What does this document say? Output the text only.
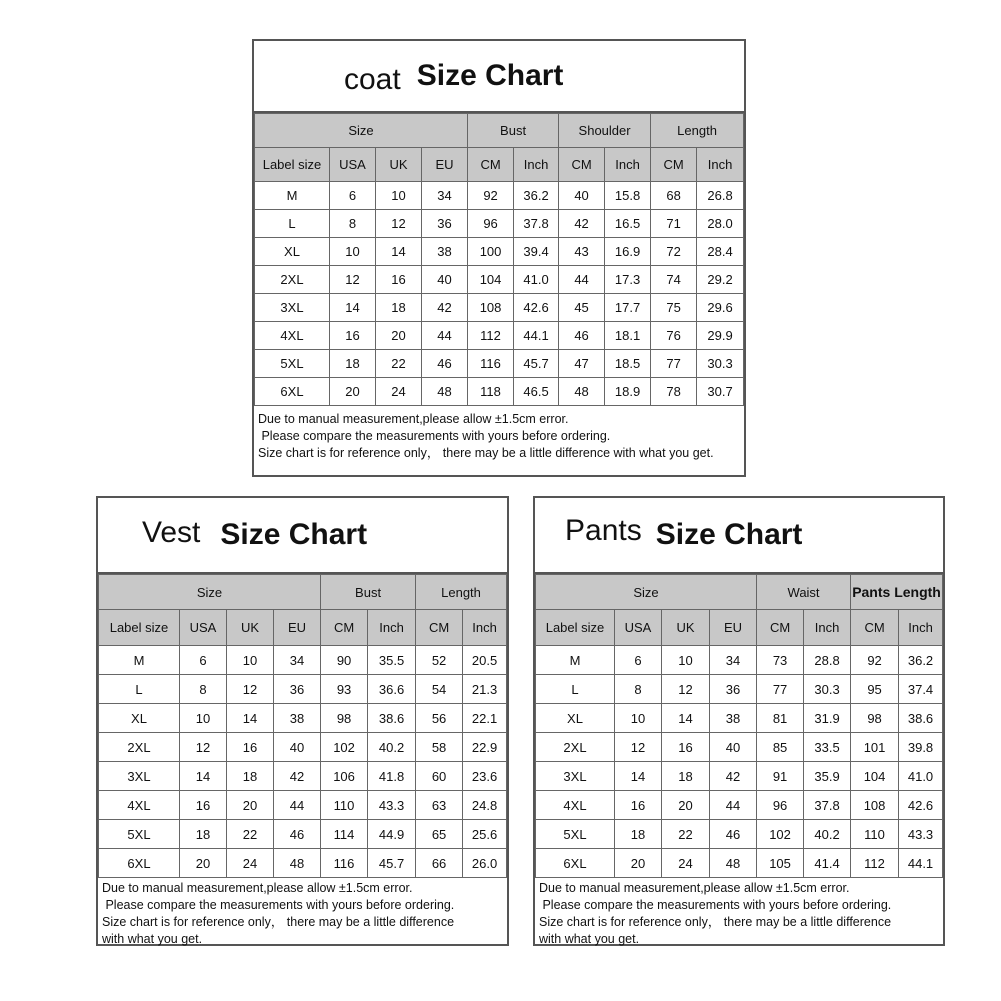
coat Size Chart
Size				Bust		Shoulder		Length	
Label size	USA	UK	EU	CM	Inch	CM	Inch	CM	Inch
M	6	10	34	92	36.2	40	15.8	68	26.8
L	8	12	36	96	37.8	42	16.5	71	28.0
XL	10	14	38	100	39.4	43	16.9	72	28.4
2XL	12	16	40	104	41.0	44	17.3	74	29.2
3XL	14	18	42	108	42.6	45	17.7	75	29.6
4XL	16	20	44	112	44.1	46	18.1	76	29.9
5XL	18	22	46	116	45.7	47	18.5	77	30.3
6XL	20	24	48	118	46.5	48	18.9	78	30.7
Due to manual measurement,please allow ±1.5cm error.
Please compare the measurements with yours before ordering.
Size chart is for reference only， there may be a little difference with what you get.
Vest Size Chart
Size				Bust		Length	
Label size	USA	UK	EU	CM	Inch	CM	Inch
M	6	10	34	90	35.5	52	20.5
L	8	12	36	93	36.6	54	21.3
XL	10	14	38	98	38.6	56	22.1
2XL	12	16	40	102	40.2	58	22.9
3XL	14	18	42	106	41.8	60	23.6
4XL	16	20	44	110	43.3	63	24.8
5XL	18	22	46	114	44.9	65	25.6
6XL	20	24	48	116	45.7	66	26.0
Due to manual measurement,please allow ±1.5cm error.
Please compare the measurements with yours before ordering.
Size chart is for reference only， there may be a little difference
with what you get.
Pants Size Chart
Size				Waist		Pants Length	
Label size	USA	UK	EU	CM	Inch	CM	Inch
M	6	10	34	73	28.8	92	36.2
L	8	12	36	77	30.3	95	37.4
XL	10	14	38	81	31.9	98	38.6
2XL	12	16	40	85	33.5	101	39.8
3XL	14	18	42	91	35.9	104	41.0
4XL	16	20	44	96	37.8	108	42.6
5XL	18	22	46	102	40.2	110	43.3
6XL	20	24	48	105	41.4	112	44.1
Due to manual measurement,please allow ±1.5cm error.
Please compare the measurements with yours before ordering.
Size chart is for reference only， there may be a little difference
with what you get.
